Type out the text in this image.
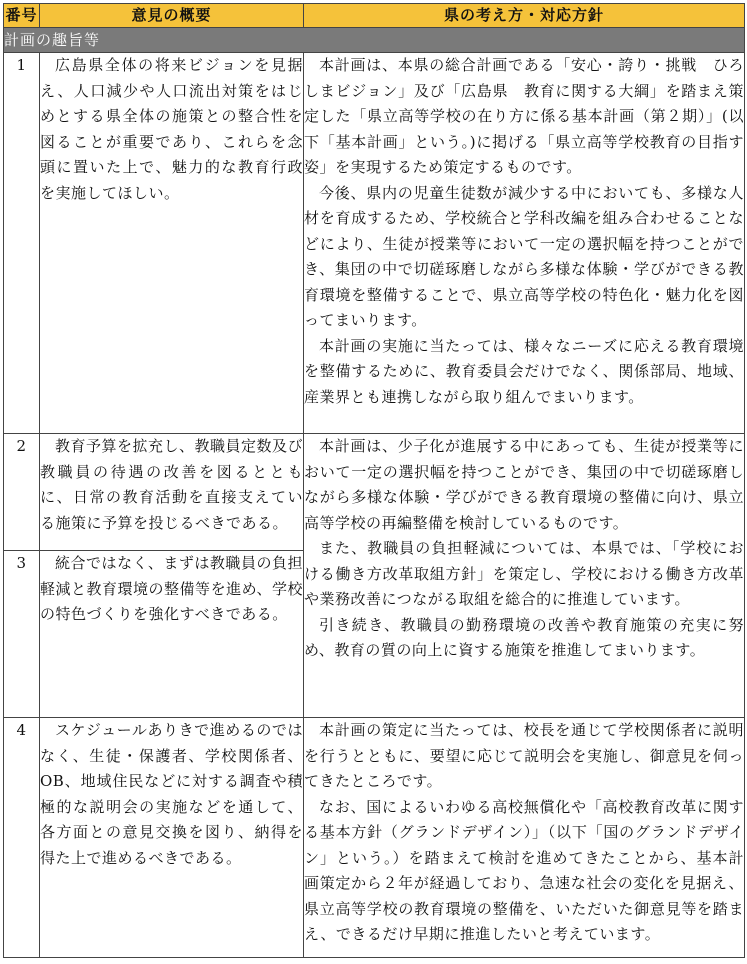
番号	意見の概要	県の考え方・対応方針
計画の趣旨等		
1	広島県全体の将来ビジョンを見据え、人口減少や人口流出対策をはじめとする県全体の施策との整合性を図ることが重要であり、これらを念頭に置いた上で、魅力的な教育行政を実施してほしい。	本計画は、本県の総合計画である「安心・誇り・挑戦　ひろしまビジョン」及び「広島県　教育に関する大綱」を踏まえ策定した「県立高等学校の在り方に係る基本計画（第２期）」(以下「基本計画」という。)に掲げる「県立高等学校教育の目指す姿」を実現するため策定するものです。

今後、県内の児童生徒数が減少する中においても、多様な人材を育成するため、学校統合と学科改編を組み合わせることなどにより、生徒が授業等において一定の選択幅を持つことができ、集団の中で切磋琢磨しながら多様な体験・学びができる教育環境を整備することで、県立高等学校の特色化・魅力化を図ってまいります。

本計画の実施に当たっては、様々なニーズに応える教育環境を整備するために、教育委員会だけでなく、関係部局、地域、産業界とも連携しながら取り組んでまいります。

2	教育予算を拡充し、教職員定数及び教職員の待遇の改善を図るとともに、日常の教育活動を直接支えている施策に予算を投じるべきである。	本計画は、少子化が進展する中にあっても、生徒が授業等において一定の選択幅を持つことができ、集団の中で切磋琢磨しながら多様な体験・学びができる教育環境の整備に向け、県立高等学校の再編整備を検討しているものです。

また、教職員の負担軽減については、本県では、「学校における働き方改革取組方針」を策定し、学校における働き方改革や業務改善につながる取組を総合的に推進しています。

引き続き、教職員の勤務環境の改善や教育施策の充実に努め、教育の質の向上に資する施策を推進してまいります。

3	統合ではなく、まずは教職員の負担軽減と教育環境の整備等を進め、学校の特色づくりを強化すべきである。	

4	スケジュールありきで進めるのではなく、生徒・保護者、学校関係者、OB、地域住民などに対する調査や積極的な説明会の実施などを通して、各方面との意見交換を図り、納得を得た上で進めるべきである。	本計画の策定に当たっては、校長を通じて学校関係者に説明を行うとともに、要望に応じて説明会を実施し、御意見を伺ってきたところです。

なお、国によるいわゆる高校無償化や「高校教育改革に関する基本方針（グランドデザイン）」（以下「国のグランドデザイン」という。）を踏まえて検討を進めてきたことから、基本計画策定から２年が経過しており、急速な社会の変化を見据え、県立高等学校の教育環境の整備を、いただいた御意見等を踏まえ、できるだけ早期に推進したいと考えています。
